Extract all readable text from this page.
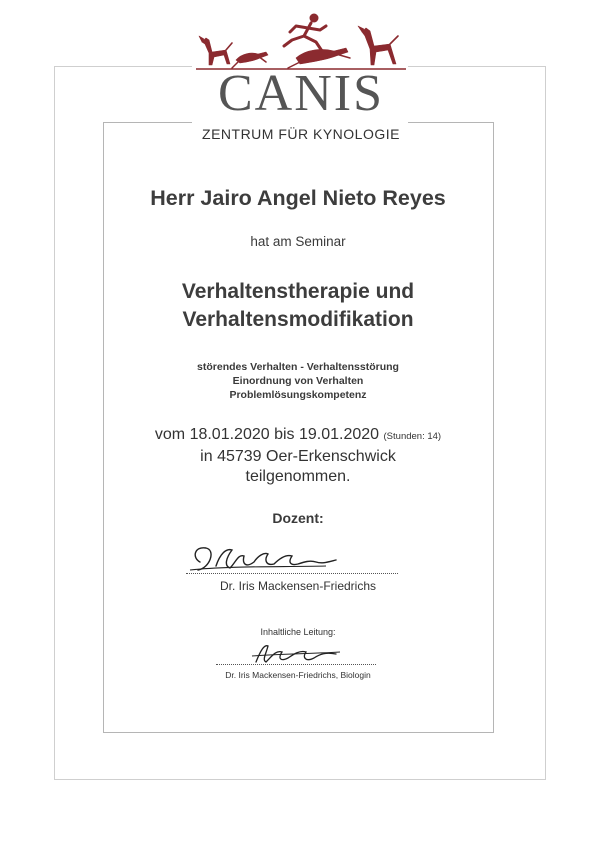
CANIS
ZENTRUM FÜR KYNOLOGIE
Herr Jairo Angel Nieto Reyes
hat am Seminar
Verhaltenstherapie und
Verhaltensmodifikation
störendes Verhalten - Verhaltensstörung
Einordnung von Verhalten
Problemlösungskompetenz
vom 18.01.2020 bis 19.01.2020 (Stunden: 14)
in 45739 Oer-Erkenschwick
teilgenommen.
Dozent:
Dr. Iris Mackensen-Friedrichs
Inhaltliche Leitung:
Dr. Iris Mackensen-Friedrichs, Biologin
